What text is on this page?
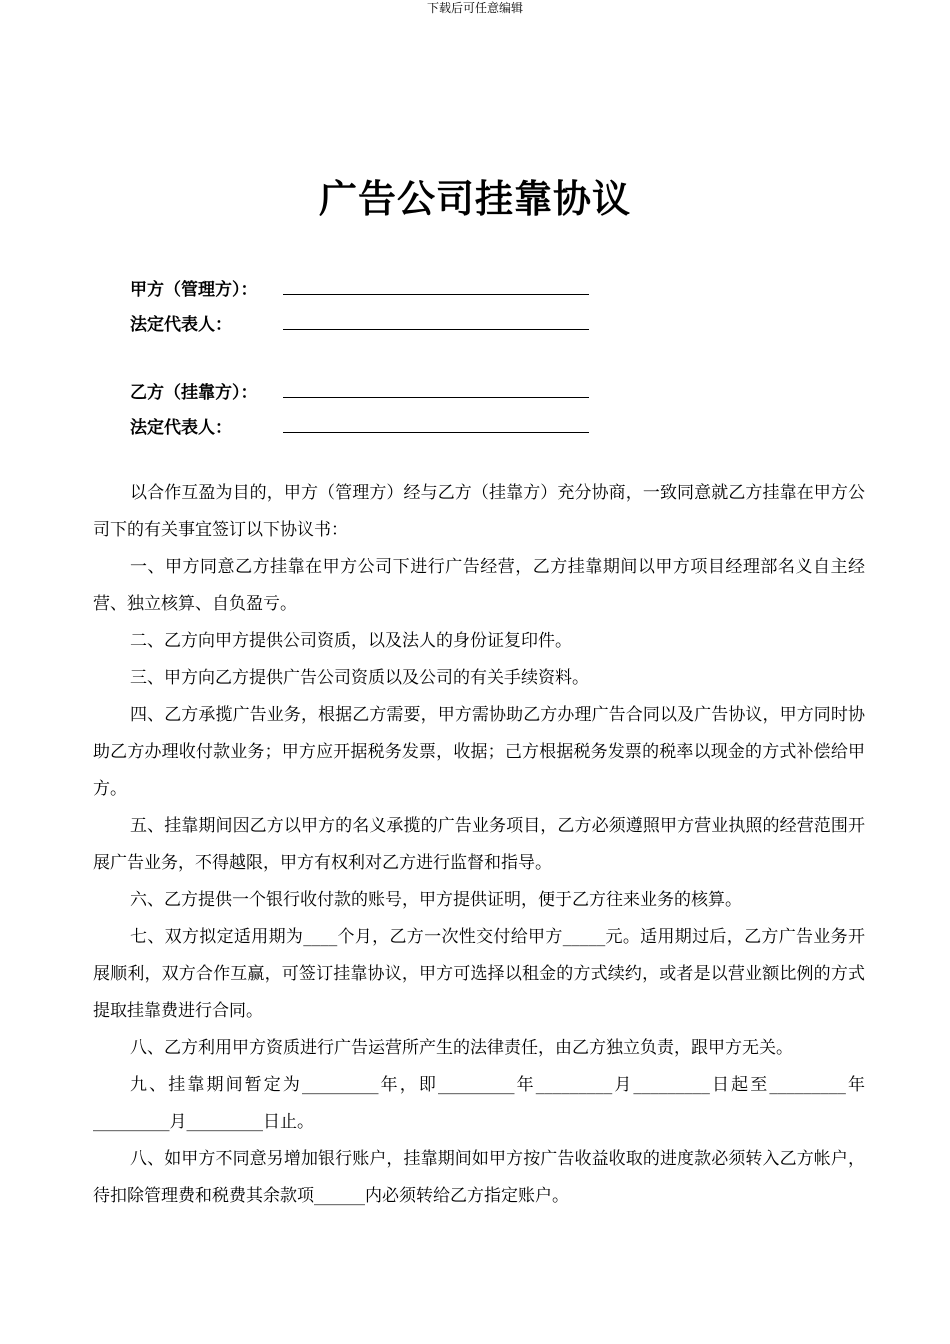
下载后可任意编辑
广告公司挂靠协议
甲方（管理方）：
法定代表人：
乙方（挂靠方）：
法定代表人：

以合作互盈为目的，甲方（管理方）经与乙方（挂靠方）充分协商，一致同意就乙方挂靠在甲方公司下的有关事宜签订以下协议书：

一、甲方同意乙方挂靠在甲方公司下进行广告经营，乙方挂靠期间以甲方项目经理部名义自主经营、独立核算、自负盈亏。

二、乙方向甲方提供公司资质，以及法人的身份证复印件。

三、甲方向乙方提供广告公司资质以及公司的有关手续资料。

四、乙方承揽广告业务，根据乙方需要，甲方需协助乙方办理广告合同以及广告协议，甲方同时协助乙方办理收付款业务；甲方应开据税务发票，收据；己方根据税务发票的税率以现金的方式补偿给甲方。

五、挂靠期间因乙方以甲方的名义承揽的广告业务项目，乙方必须遵照甲方营业执照的经营范围开展广告业务，不得越限，甲方有权利对乙方进行监督和指导。

六、乙方提供一个银行收付款的账号，甲方提供证明，便于乙方往来业务的核算。

七、双方拟定适用期为____个月，乙方一次性交付给甲方_____元。适用期过后，乙方广告业务开展顺利，双方合作互赢，可签订挂靠协议，甲方可选择以租金的方式续约，或者是以营业额比例的方式提取挂靠费进行合同。

八、乙方利用甲方资质进行广告运营所产生的法律责任，由乙方独立负责，跟甲方无关。

九、挂靠期间暂定为_________年，即_________年_________月_________日起至_________年 _________月_________日止。

八、如甲方不同意另增加银行账户，挂靠期间如甲方按广告收益收取的进度款必须转入乙方帐户，待扣除管理费和税费其余款项______内必须转给乙方指定账户。
